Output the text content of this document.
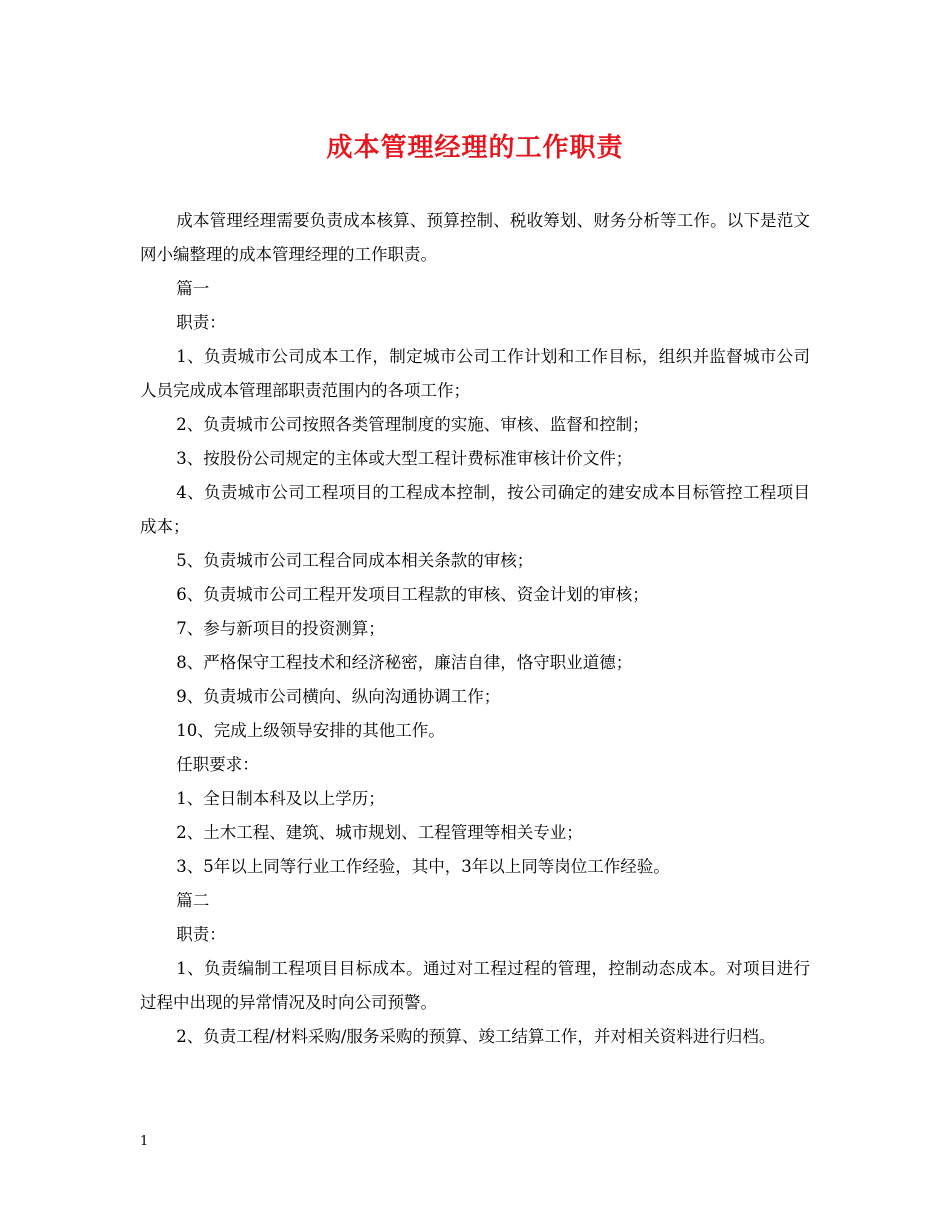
成本管理经理的工作职责

成本管理经理需要负责成本核算、预算控制、税收筹划、财务分析等工作。以下是范文网小编整理的成本管理经理的工作职责。

篇一

职责：

1、负责城市公司成本工作，制定城市公司工作计划和工作目标，组织并监督城市公司人员完成成本管理部职责范围内的各项工作；

2、负责城市公司按照各类管理制度的实施、审核、监督和控制；

3、按股份公司规定的主体或大型工程计费标准审核计价文件；

4、负责城市公司工程项目的工程成本控制，按公司确定的建安成本目标管控工程项目成本；

5、负责城市公司工程合同成本相关条款的审核；

6、负责城市公司工程开发项目工程款的审核、资金计划的审核；

7、参与新项目的投资测算；

8、严格保守工程技术和经济秘密，廉洁自律，恪守职业道德；

9、负责城市公司横向、纵向沟通协调工作；

10、完成上级领导安排的其他工作。

任职要求：

1、全日制本科及以上学历；

2、土木工程、建筑、城市规划、工程管理等相关专业；

3、5年以上同等行业工作经验，其中，3年以上同等岗位工作经验。

篇二

职责：

1、负责编制工程项目目标成本。通过对工程过程的管理，控制动态成本。对项目进行过程中出现的异常情况及时向公司预警。

2、负责工程/材料采购/服务采购的预算、竣工结算工作，并对相关资料进行归档。

1
